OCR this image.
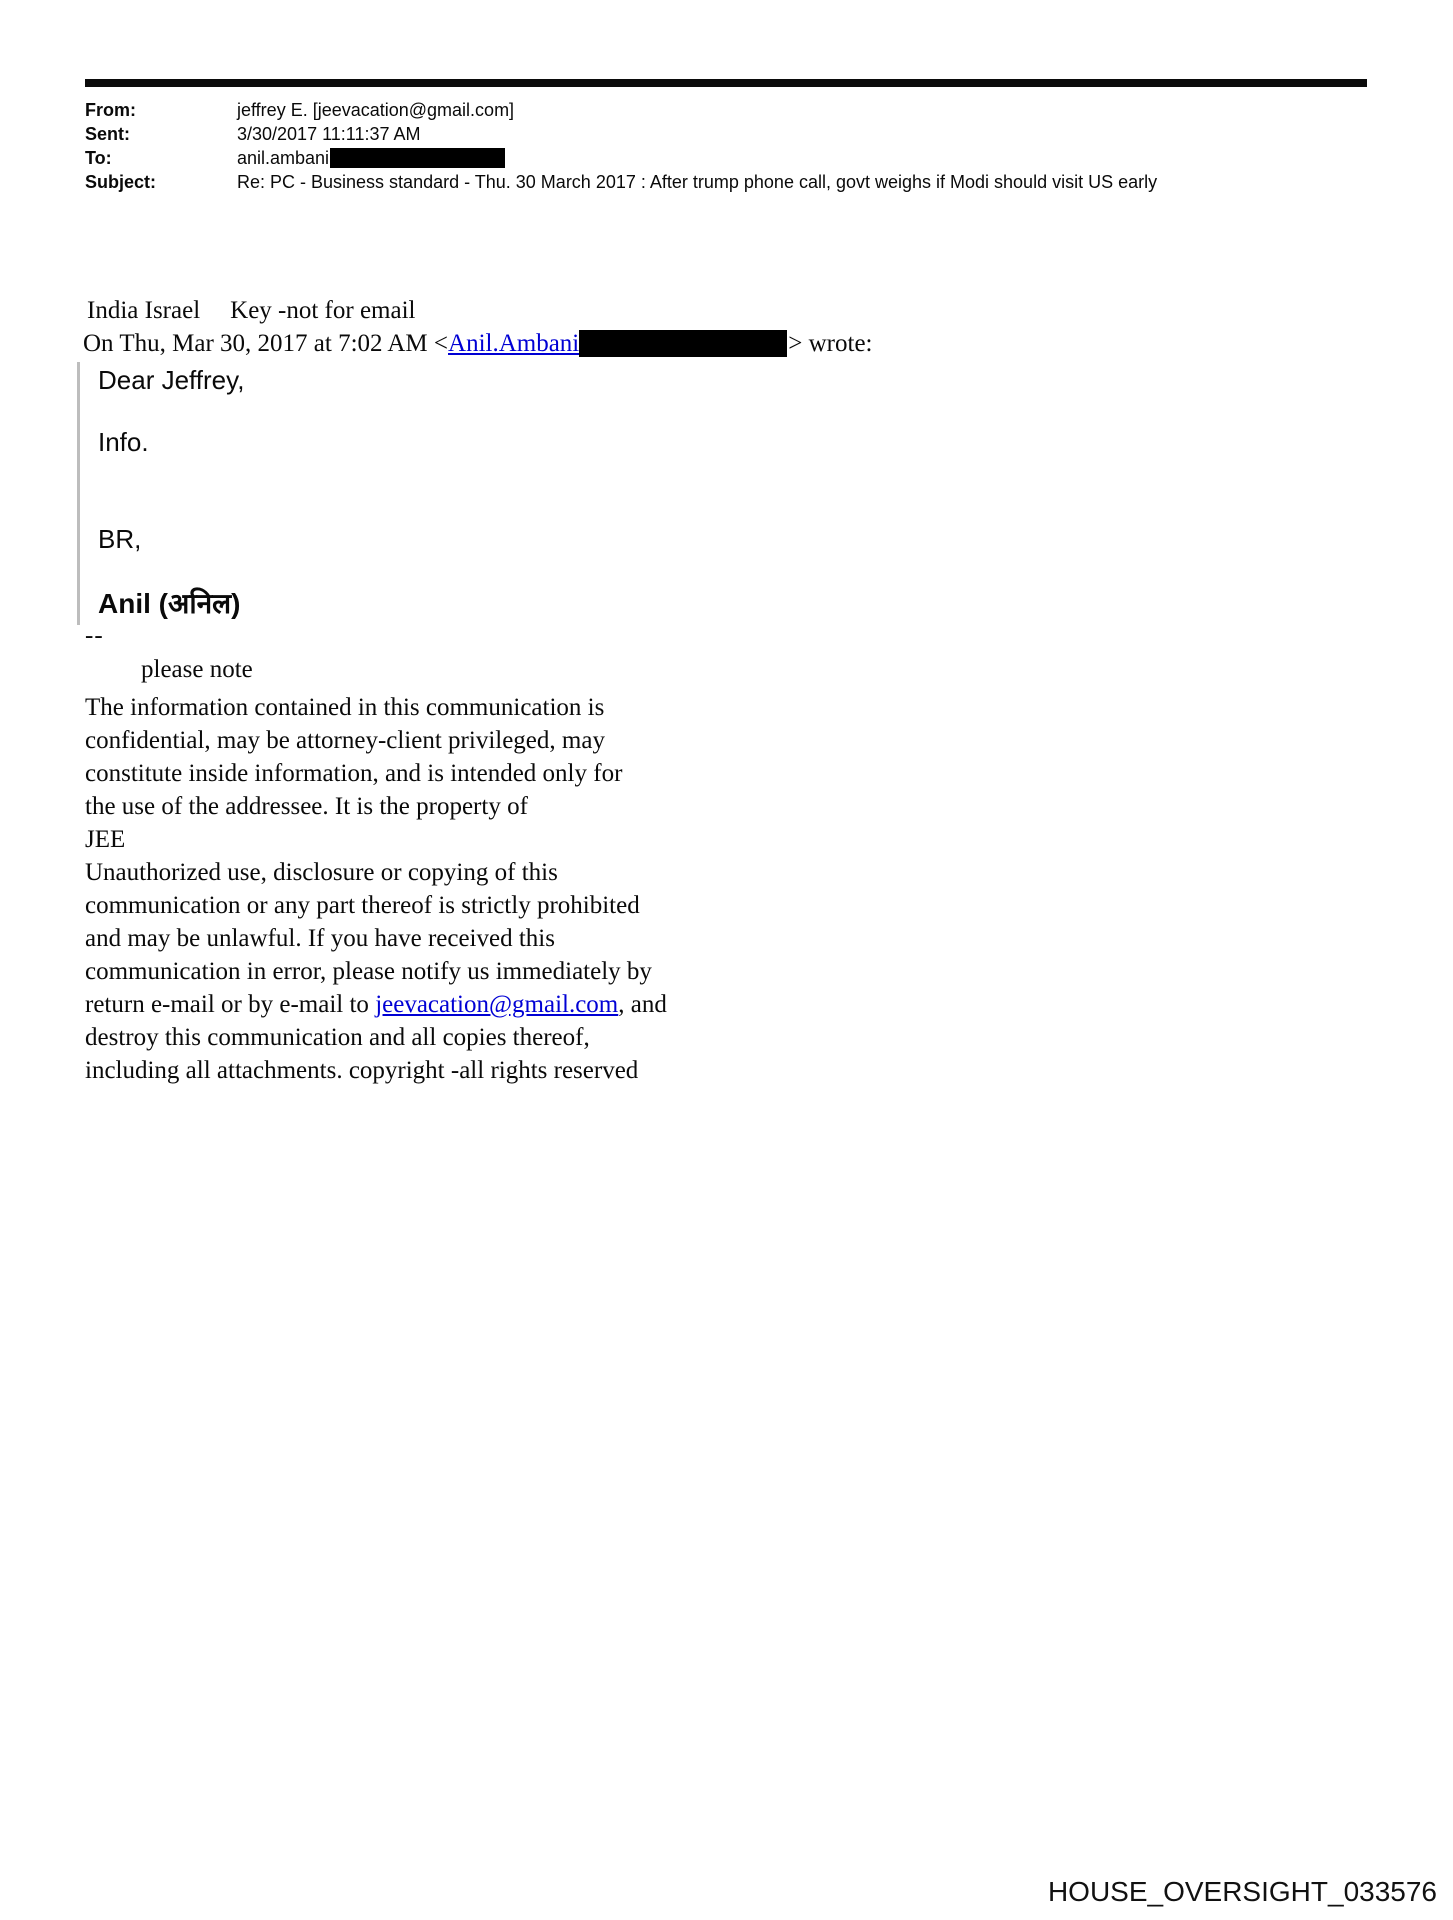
From:	jeffrey E. [jeevacation@gmail.com]
Sent:	3/30/2017 11:11:37 AM
To:	anil.ambani
Subject:	Re: PC - Business standard - Thu. 30 March 2017 : After trump phone call, govt weighs if Modi should visit US early
India Israel Key -not for email
On Thu, Mar 30, 2017 at 7:02 AM <Anil.Ambani	> wrote:
Dear Jeffrey,
Info.
BR,
Anil (अनिल)
--
please note
The information contained in this communication is
confidential, may be attorney-client privileged, may
constitute inside information, and is intended only for
the use of the addressee. It is the property of
JEE
Unauthorized use, disclosure or copying of this
communication or any part thereof is strictly prohibited
and may be unlawful. If you have received this
communication in error, please notify us immediately by
return e-mail or by e-mail to jeevacation@gmail.com, and
destroy this communication and all copies thereof,
including all attachments. copyright -all rights reserved
HOUSE_OVERSIGHT_033576
